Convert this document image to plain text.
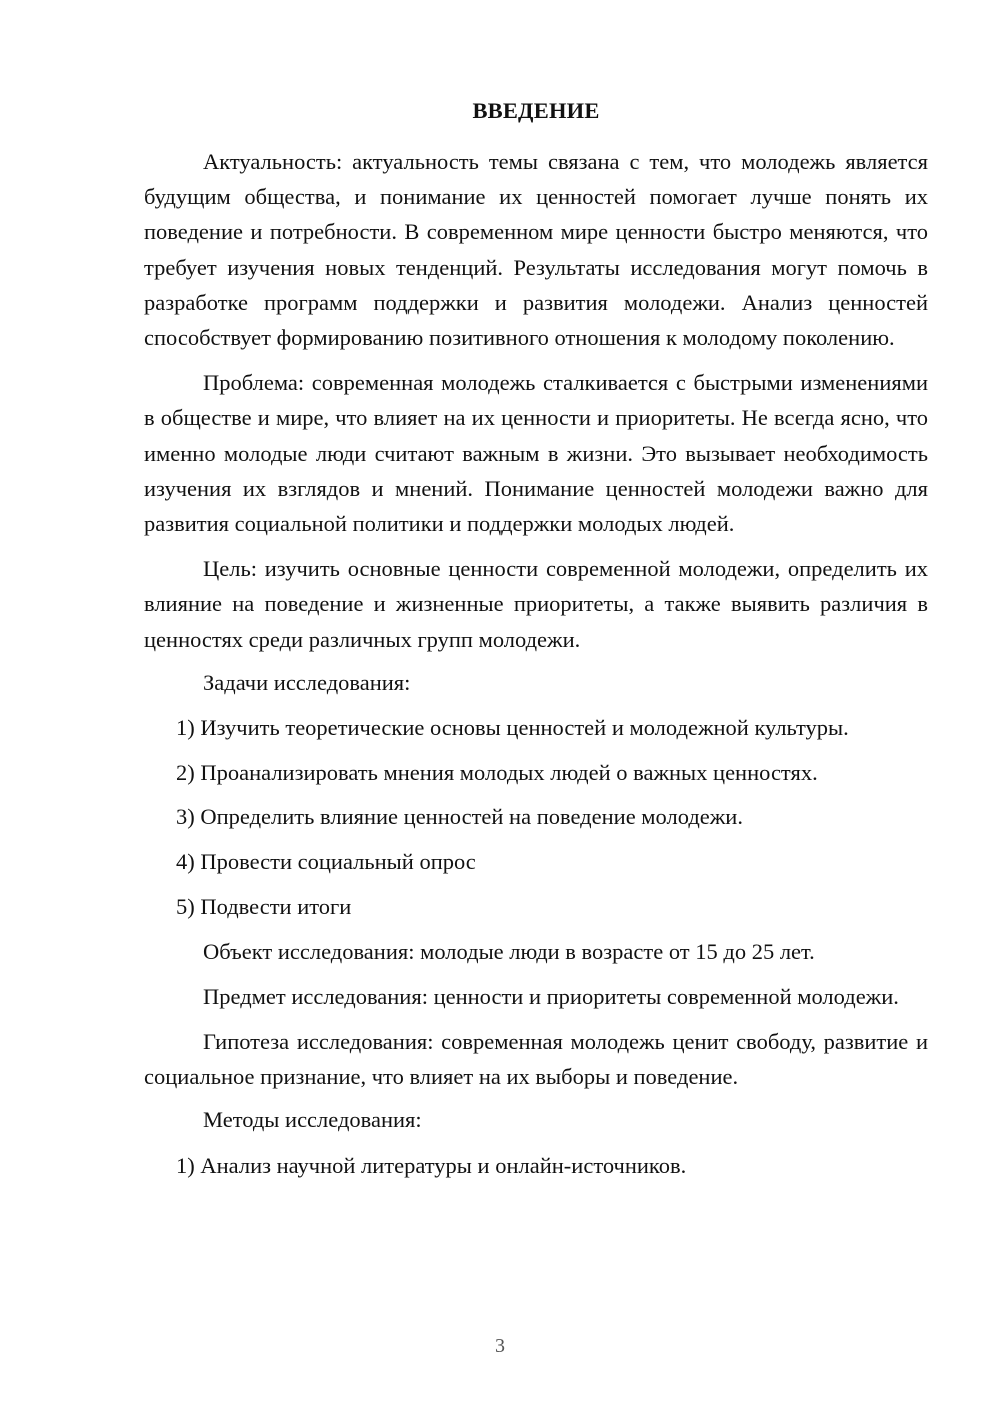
ВВЕДЕНИЕ

Актуальность: актуальность темы связана с тем, что молодежь является будущим общества, и понимание их ценностей помогает лучше понять их поведение и потребности. В современном мире ценности быстро меняются, что требует изучения новых тенденций. Результаты исследования могут помочь в разработке программ поддержки и развития молодежи. Анализ ценностей способствует формированию позитивного отношения к молодому поколению.

Проблема: современная молодежь сталкивается с быстрыми изменениями в обществе и мире, что влияет на их ценности и приоритеты. Не всегда ясно, что именно молодые люди считают важным в жизни. Это вызывает необходимость изучения их взглядов и мнений. Понимание ценностей молодежи важно для развития социальной политики и поддержки молодых людей.

Цель: изучить основные ценности современной молодежи, определить их влияние на поведение и жизненные приоритеты, а также выявить различия в ценностях среди различных групп молодежи.

Задачи исследования:

1) Изучить теоретические основы ценностей и молодежной культуры.
2) Проанализировать мнения молодых людей о важных ценностях.
3) Определить влияние ценностей на поведение молодежи.
4) Провести социальный опрос
5) Подвести итоги

Объект исследования: молодые люди в возрасте от 15 до 25 лет.

Предмет исследования: ценности и приоритеты современной молодежи.

Гипотеза исследования: современная молодежь ценит свободу, развитие и социальное признание, что влияет на их выборы и поведение.

Методы исследования:

1) Анализ научной литературы и онлайн-источников.
3
